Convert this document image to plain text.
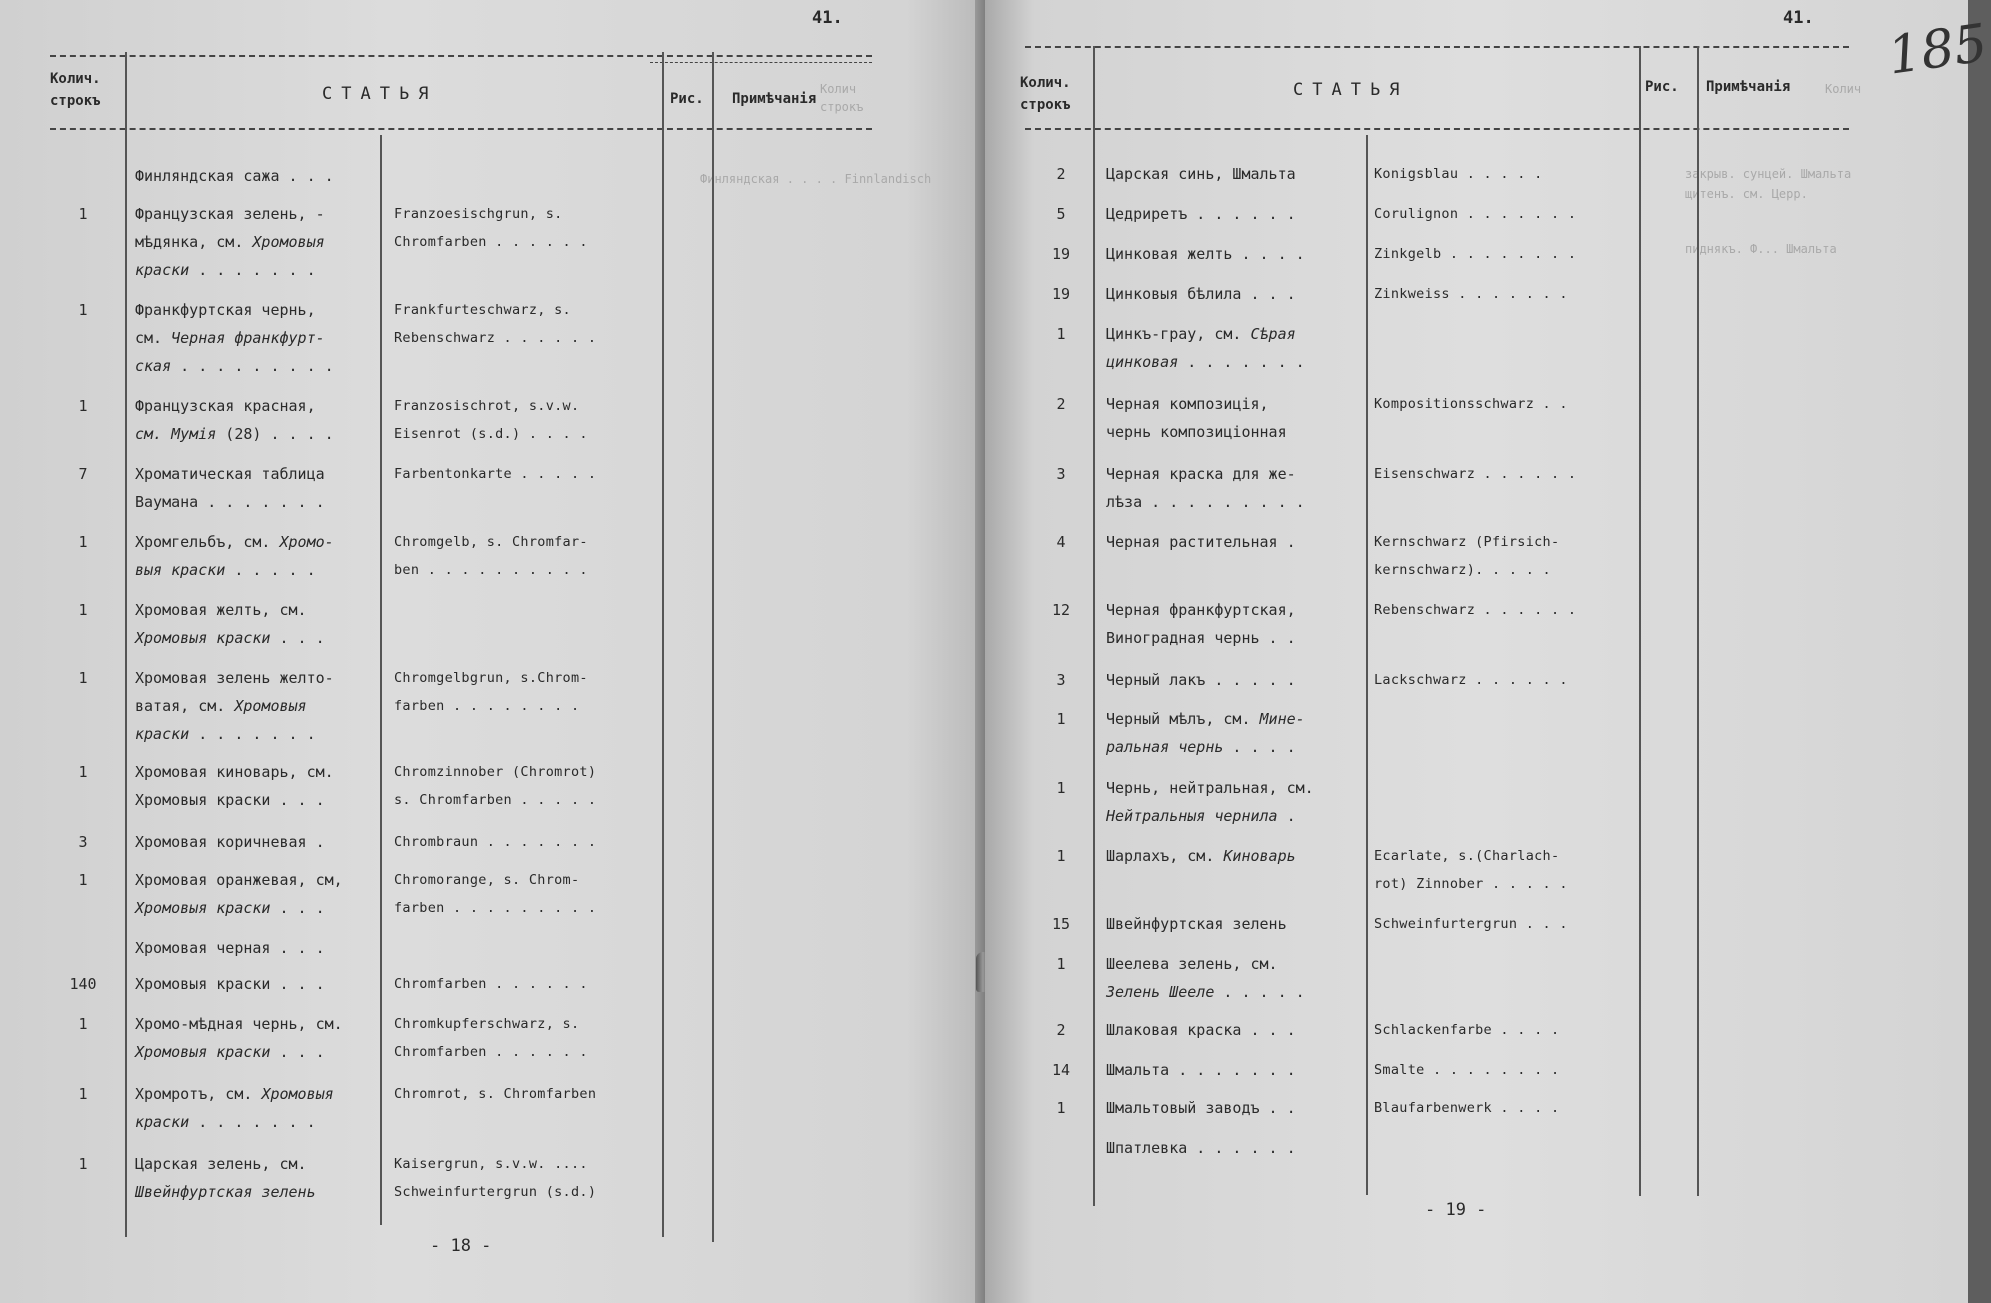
Колич
строкъ
Финляндская . . . . Finnlandisch
41.
Колич. строкъ	СТАТЬЯ	Рис. Примѣчанія
Финляндская сажа . . .
1	Французская зелень, -
мѣдянка, см. Хромовыя
краски . . . . . . .
Franzoesischgrun, s.
Chromfarben . . . . . .
1	Франкфуртская чернь,
см. Черная франкфурт-
ская . . . . . . . . .
Frankfurteschwarz, s.
Rebenschwarz . . . . . .
1	Французская красная,
см. Мумія (28) . . . .
Franzosischrot, s.v.w.
Eisenrot (s.d.) . . . .
7	Хроматическая таблица
Ваумана . . . . . . .
Farbentonkarte . . . . .
1	Хромгельбъ, см. Хромо-
выя краски . . . . .
Chromgelb, s. Chromfar-
ben . . . . . . . . . .
1	Хромовая желть, см.
Хромовыя краски . . .
1	Хромовая зелень желто-
ватая, см. Хромовыя
краски . . . . . . .
Chromgelbgrun, s.Chrom-
farben . . . . . . . .
1	Хромовая киноварь, см.
Хромовыя краски . . .
Chromzinnober (Chromrot)
s. Chromfarben . . . . .
3	Хромовая коричневая .	Chrombraun . . . . . . .
1	Хромовая оранжевая, см,
Хромовыя краски . . .
Chromorange, s. Chrom-
farben . . . . . . . . .
Хромовая черная . . .
140	Хромовыя краски . . .	Chromfarben . . . . . .
1	Хромо-мѣдная чернь, см.
Хромовыя краски . . .
Chromkupferschwarz, s.
Chromfarben . . . . . .
1	Хромротъ, см. Хромовыя
краски . . . . . . .
Chromrot, s. Chromfarben
1	Царская зелень, см.
Швейнфуртская зелень
Kaisergrun, s.v.w. ....
Schweinfurtergrun (s.d.)
- 18 -
Колич
закрыв. сунцей. Шмальта
щитенъ. см. Церр.
пиднякъ. Ф... Шмальта
41. 185
Колич. строкъ
СТАТЬЯ	Рис. Примѣчанія
2	Царская синь, Шмальта	Konigsblau . . . . .
5	Цедриретъ . . . . . .	Corulignon . . . . . . .
19	Цинковая желть . . . .	Zinkgelb . . . . . . . .
19	Цинковыя бѣлила . . .	Zinkweiss . . . . . . .
1	Цинкъ-грау, см. Сѣрая
цинковая . . . . . . .
2	Черная композиція,
чернь композиціонная
Kompositionsschwarz . .
3	Черная краска для же-
лѣза . . . . . . . . .
Eisenschwarz . . . . . .
4	Черная растительная .	Kernschwarz (Pfirsich-
kernschwarz). . . . .
12	Черная франкфуртская,
Виноградная чернь . .
Rebenschwarz . . . . . .
3	Черный лакъ . . . . .	Lackschwarz . . . . . .
1	Черный мѣлъ, см. Мине-
ральная чернь . . . .
1	Чернь, нейтральная, см.
Нейтральныя чернила .
1	Шарлахъ, см. Киноварь	Ecarlate, s.(Charlach-
rot) Zinnober . . . . .
15	Швейнфуртская зелень	Schweinfurtergrun . . .
1	Шеелева зелень, см.
Зелень Шееле . . . . .
2	Шлаковая краска . . .	Schlackenfarbe . . . .
14	Шмальта . . . . . . .	Smalte . . . . . . . .
1	Шмальтовый заводъ . .	Blaufarbenwerk . . . .
Шпатлевка . . . . . .
- 19 -
